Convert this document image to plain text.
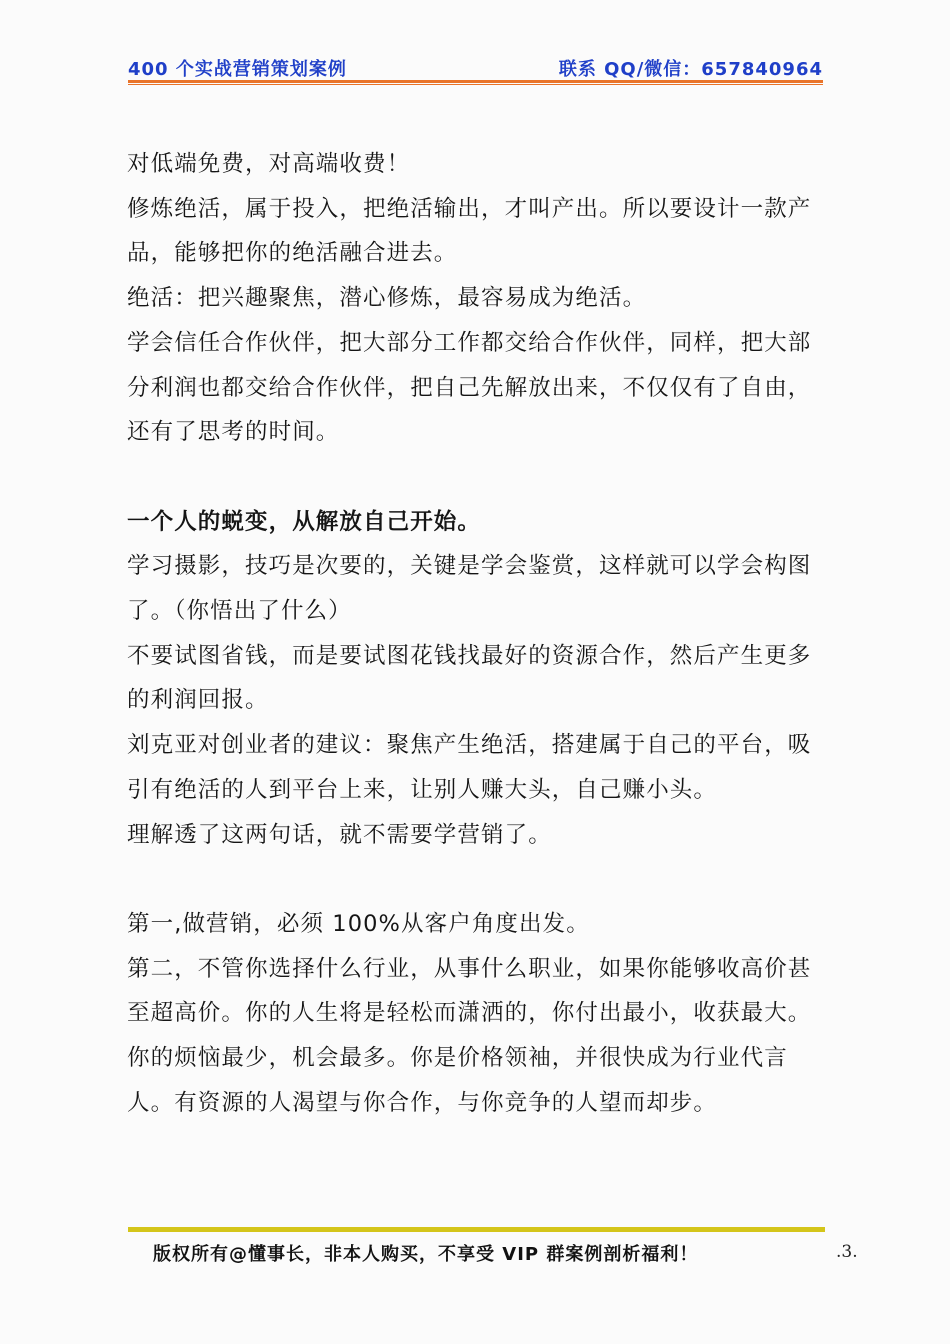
400 个实战营销策划案例	联系 QQ/微信：657840964

对低端免费，对高端收费！

修炼绝活，属于投入，把绝活输出，才叫产出。所以要设计一款产品，能够把你的绝活融合进去。

绝活：把兴趣聚焦，潜心修炼，最容易成为绝活。

学会信任合作伙伴，把大部分工作都交给合作伙伴，同样，把大部分利润也都交给合作伙伴，把自己先解放出来，不仅仅有了自由，还有了思考的时间。

一个人的蜕变，从解放自己开始。

学习摄影，技巧是次要的，关键是学会鉴赏，这样就可以学会构图了。（你悟出了什么）

不要试图省钱，而是要试图花钱找最好的资源合作，然后产生更多的利润回报。

刘克亚对创业者的建议：聚焦产生绝活，搭建属于自己的平台，吸引有绝活的人到平台上来，让别人赚大头，自己赚小头。

理解透了这两句话，就不需要学营销了。

第一,做营销，必须 100%从客户角度出发。

第二，不管你选择什么行业，从事什么职业，如果你能够收高价甚至超高价。你的人生将是轻松而潇洒的，你付出最小，收获最大。你的烦恼最少，机会最多。你是价格领袖，并很快成为行业代言人。有资源的人渴望与你合作，与你竞争的人望而却步。

版权所有@懂事长，非本人购买，不享受 VIP 群案例剖析福利！	.3.
